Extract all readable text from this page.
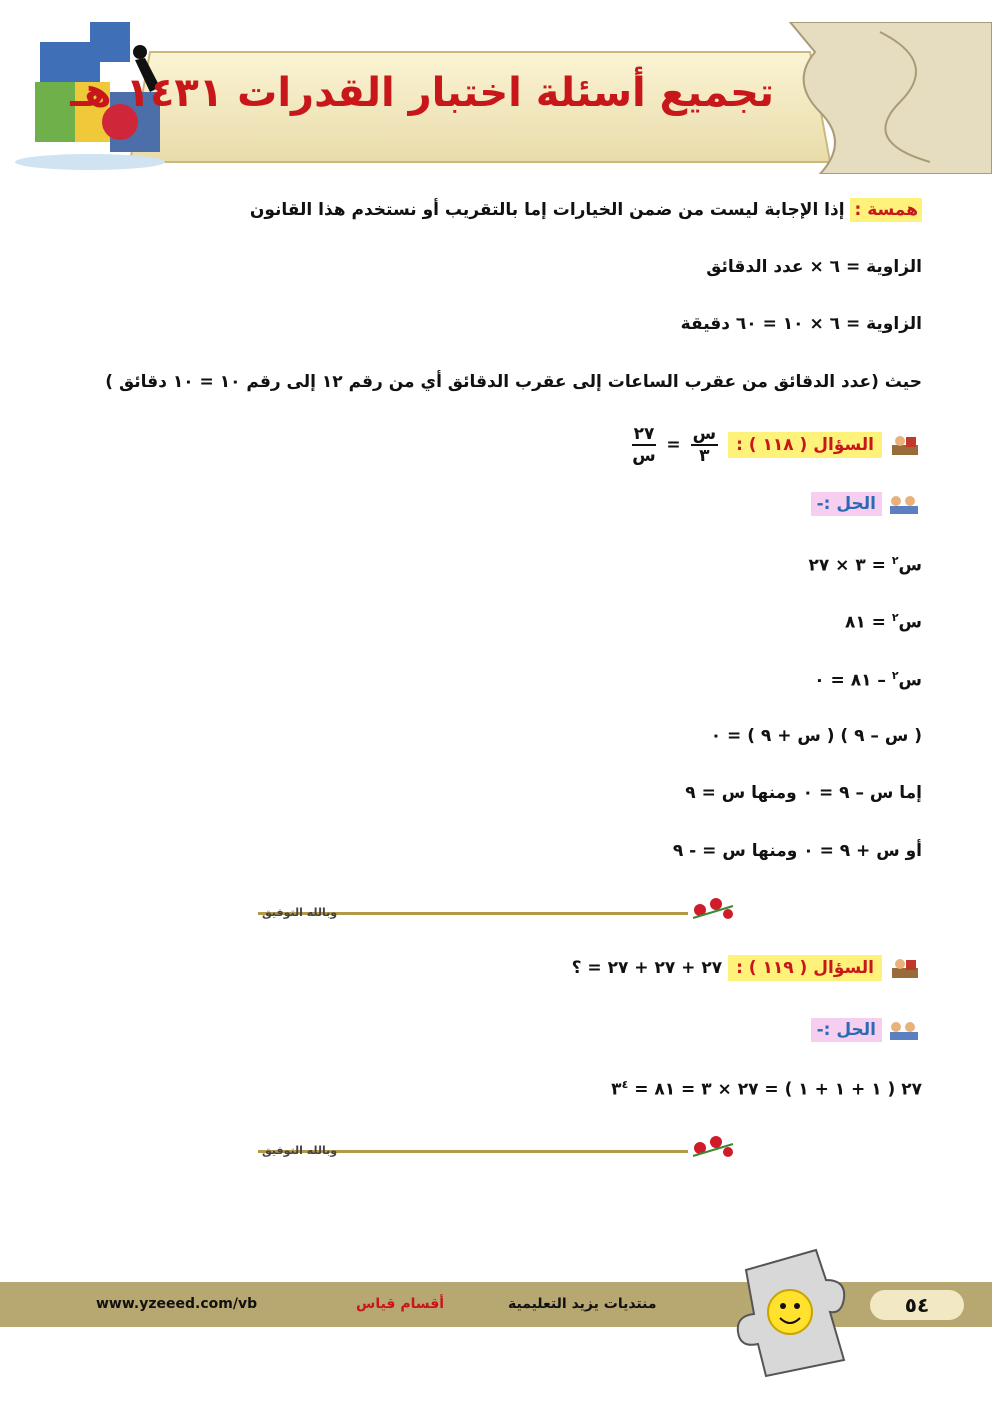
تجميع أسئلة اختبار القدرات ١٤٣١ هـ
همسة : إذا الإجابة ليست من ضمن الخيارات إما بالتقريب أو نستخدم هذا القانون
الزاوية = ٦ × عدد الدقائق
الزاوية = ٦ × ١٠ = ٦٠ دقيقة
حيث (عدد الدقائق من عقرب الساعات إلى عقرب الدقائق أي من رقم ١٢ إلى رقم ١٠ = ١٠ دقائق )
السؤال ( ١١٨ ) :
$\frac{\text{س}}{٣}$
=
$\frac{٢٧}{\text{س}}$
الحل :-
س$^٢$ = ٣ × ٢٧
س$^٢$ = ٨١
س$^٢$ – ٨١ = ٠
( س – ٩ ) ( س + ٩ ) = ٠
إما س – ٩ = ٠ ومنها س = ٩
أو س + ٩ = ٠ ومنها س = - ٩
وبالله التوفيق
السؤال ( ١١٩ ) :
٢٧ + ٢٧ + ٢٧ = ؟
الحل :-
٢٧ ( ١ + ١ + ١ ) = ٢٧ × ٣ = ٨١ = $٣^٤$
وبالله التوفيق
٥٤
منتديات يزيد التعليمية
أقسام قياس
www.yzeeed.com/vb
